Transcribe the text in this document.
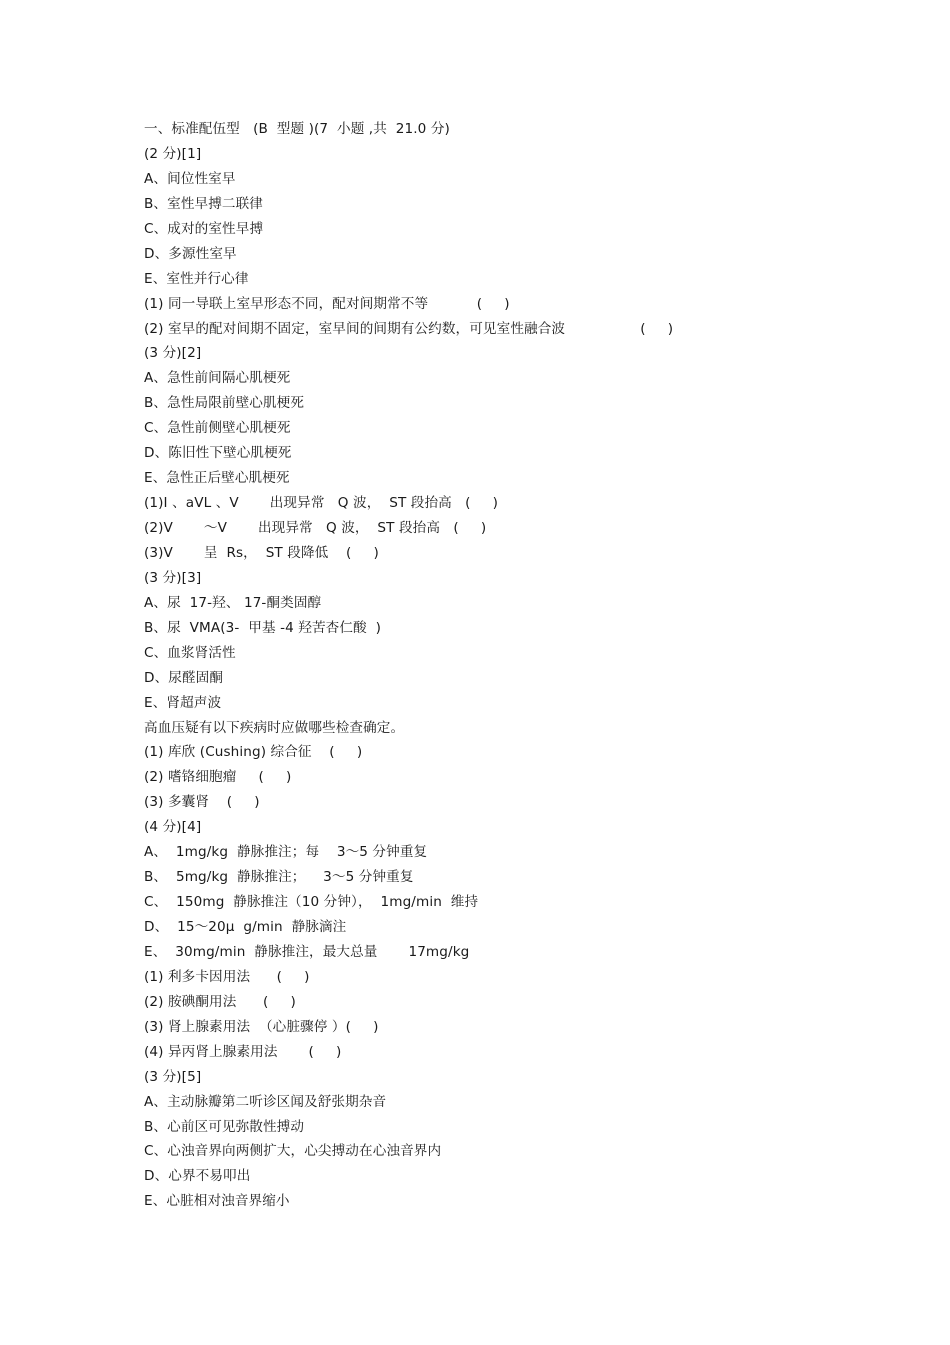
一、标准配伍型   (B  型题 )(7  小题 ,共  21.0 分)
(2 分)[1]
A、间位性室早
B、室性早搏二联律
C、成对的室性早搏
D、多源性室早
E、室性并行心律
(1) 同一导联上室早形态不同，配对间期常不等           (     )
(2) 室早的配对间期不固定，室早间的间期有公约数，可见室性融合波                 (     )
(3 分)[2]
A、急性前间隔心肌梗死
B、急性局限前壁心肌梗死
C、急性前侧壁心肌梗死
D、陈旧性下壁心肌梗死
E、急性正后壁心肌梗死
(1)I 、aVL 、V       出现异常   Q 波，  ST 段抬高   (     )
(2)V       ～V       出现异常   Q 波，  ST 段抬高   (     )
(3)V       呈  Rs，  ST 段降低    (     )
(3 分)[3]
A、尿  17-羟、 17-酮类固醇
B、尿  VMA(3-  甲基 -4 羟苦杏仁酸  )
C、血浆肾活性
D、尿醛固酮
E、肾超声波
高血压疑有以下疾病时应做哪些检查确定。
(1) 库欣 (Cushing) 综合征    (     )
(2) 嗜铬细胞瘤     (     )
(3) 多囊肾    (     )
(4 分)[4]
A、  1mg/kg  静脉推注；每    3～5 分钟重复
B、  5mg/kg  静脉推注；    3～5 分钟重复
C、  150mg  静脉推注（10 分钟），  1mg/min  维持
D、  15～20μ  g/min  静脉滴注
E、  30mg/min  静脉推注，最大总量       17mg/kg
(1) 利多卡因用法      (     )
(2) 胺碘酮用法      (     )
(3) 肾上腺素用法  （心脏骤停 ）(     )
(4) 异丙肾上腺素用法       (     )
(3 分)[5]
A、主动脉瓣第二听诊区闻及舒张期杂音
B、心前区可见弥散性搏动
C、心浊音界向两侧扩大，心尖搏动在心浊音界内
D、心界不易叩出
E、心脏相对浊音界缩小
